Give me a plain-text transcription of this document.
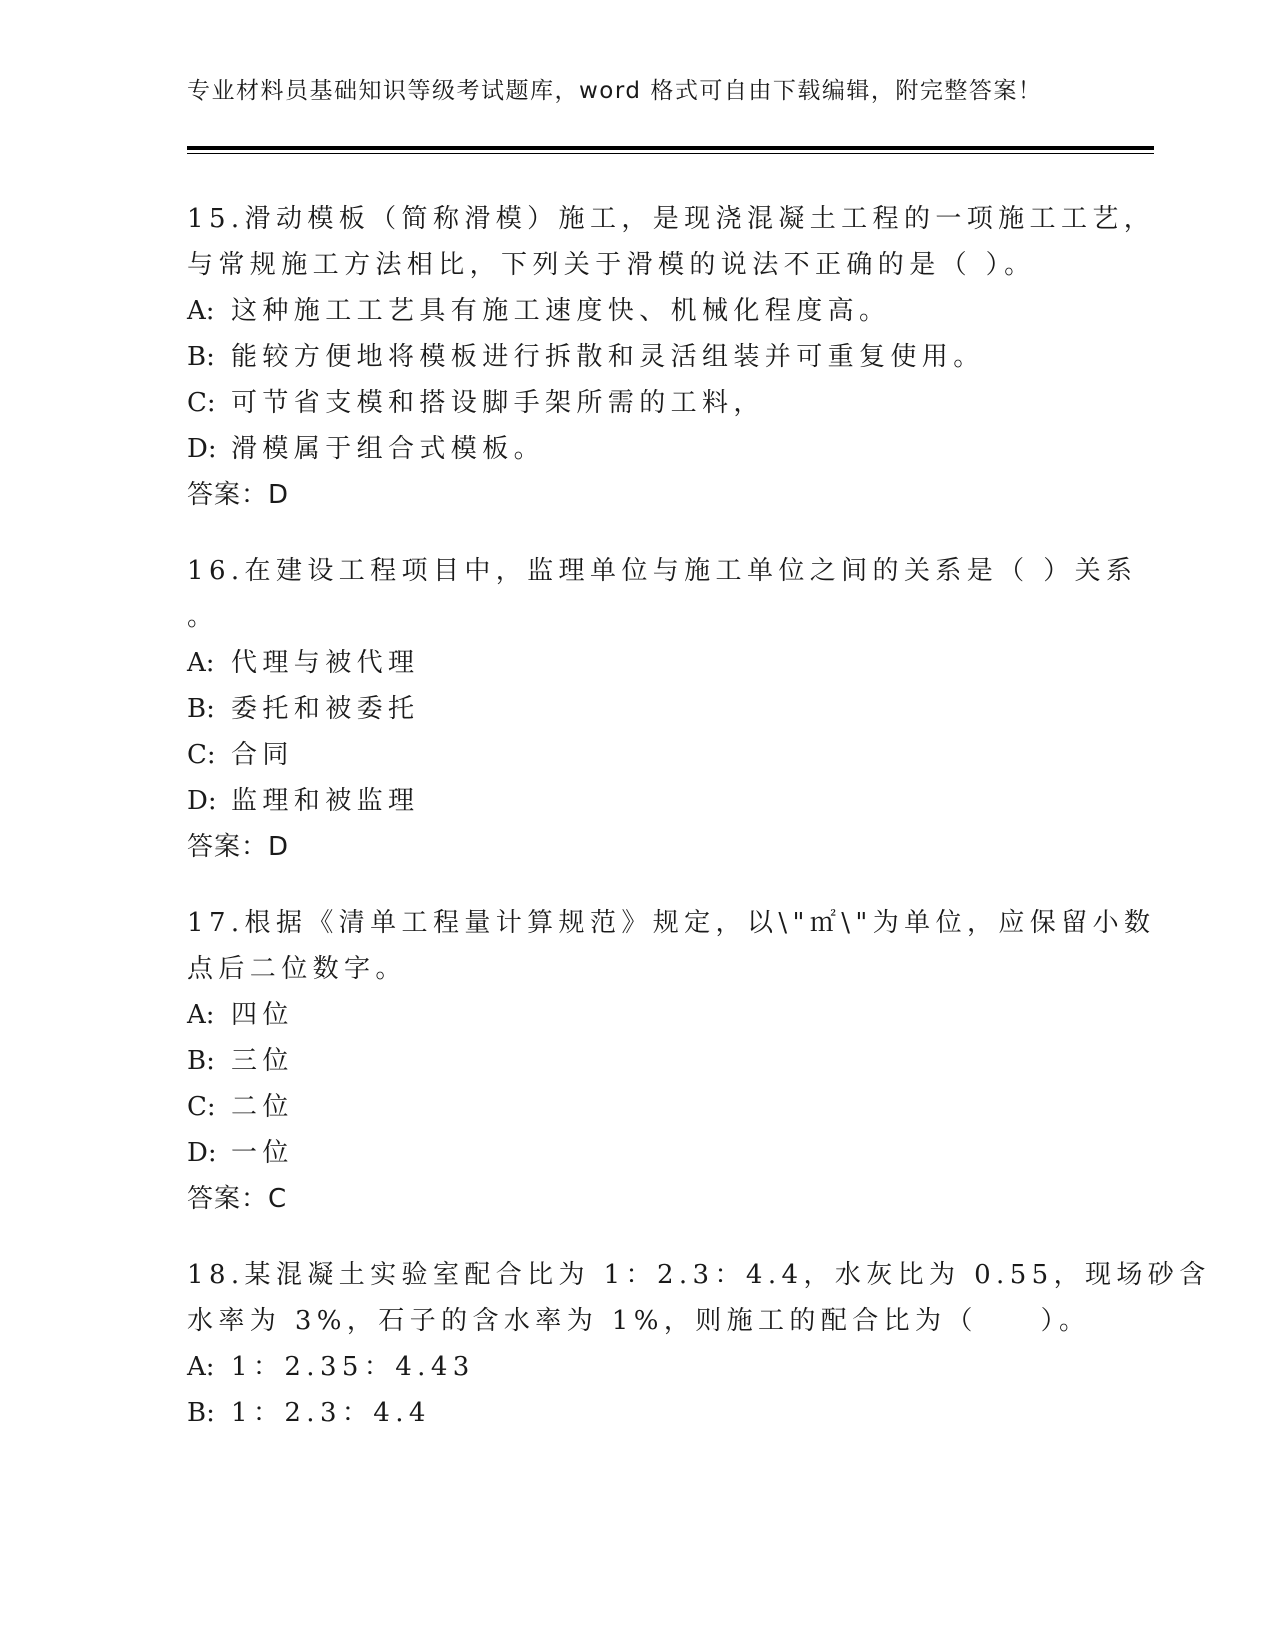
专业材料员基础知识等级考试题库，word 格式可自由下载编辑，附完整答案！
15.滑动模板（简称滑模）施工，是现浇混凝土工程的一项施工工艺，
与常规施工方法相比，下列关于滑模的说法不正确的是（ ）。
A: 这种施工工艺具有施工速度快、机械化程度高。
B: 能较方便地将模板进行拆散和灵活组装并可重复使用。
C: 可节省支模和搭设脚手架所需的工料，
D: 滑模属于组合式模板。
答案：D
16.在建设工程项目中，监理单位与施工单位之间的关系是（ ）关系
。
A: 代理与被代理
B: 委托和被委托
C: 合同
D: 监理和被监理
答案：D
17.根据《清单工程量计算规范》规定，以\"㎡\"为单位，应保留小数
点后二位数字。
A: 四位
B: 三位
C: 二位
D: 一位
答案：C
18.某混凝土实验室配合比为 1：2.3：4.4，水灰比为 0.55，现场砂含
水率为 3%，石子的含水率为 1%，则施工的配合比为（　　）。
A: 1：2.35：4.43
B: 1：2.3：4.4
